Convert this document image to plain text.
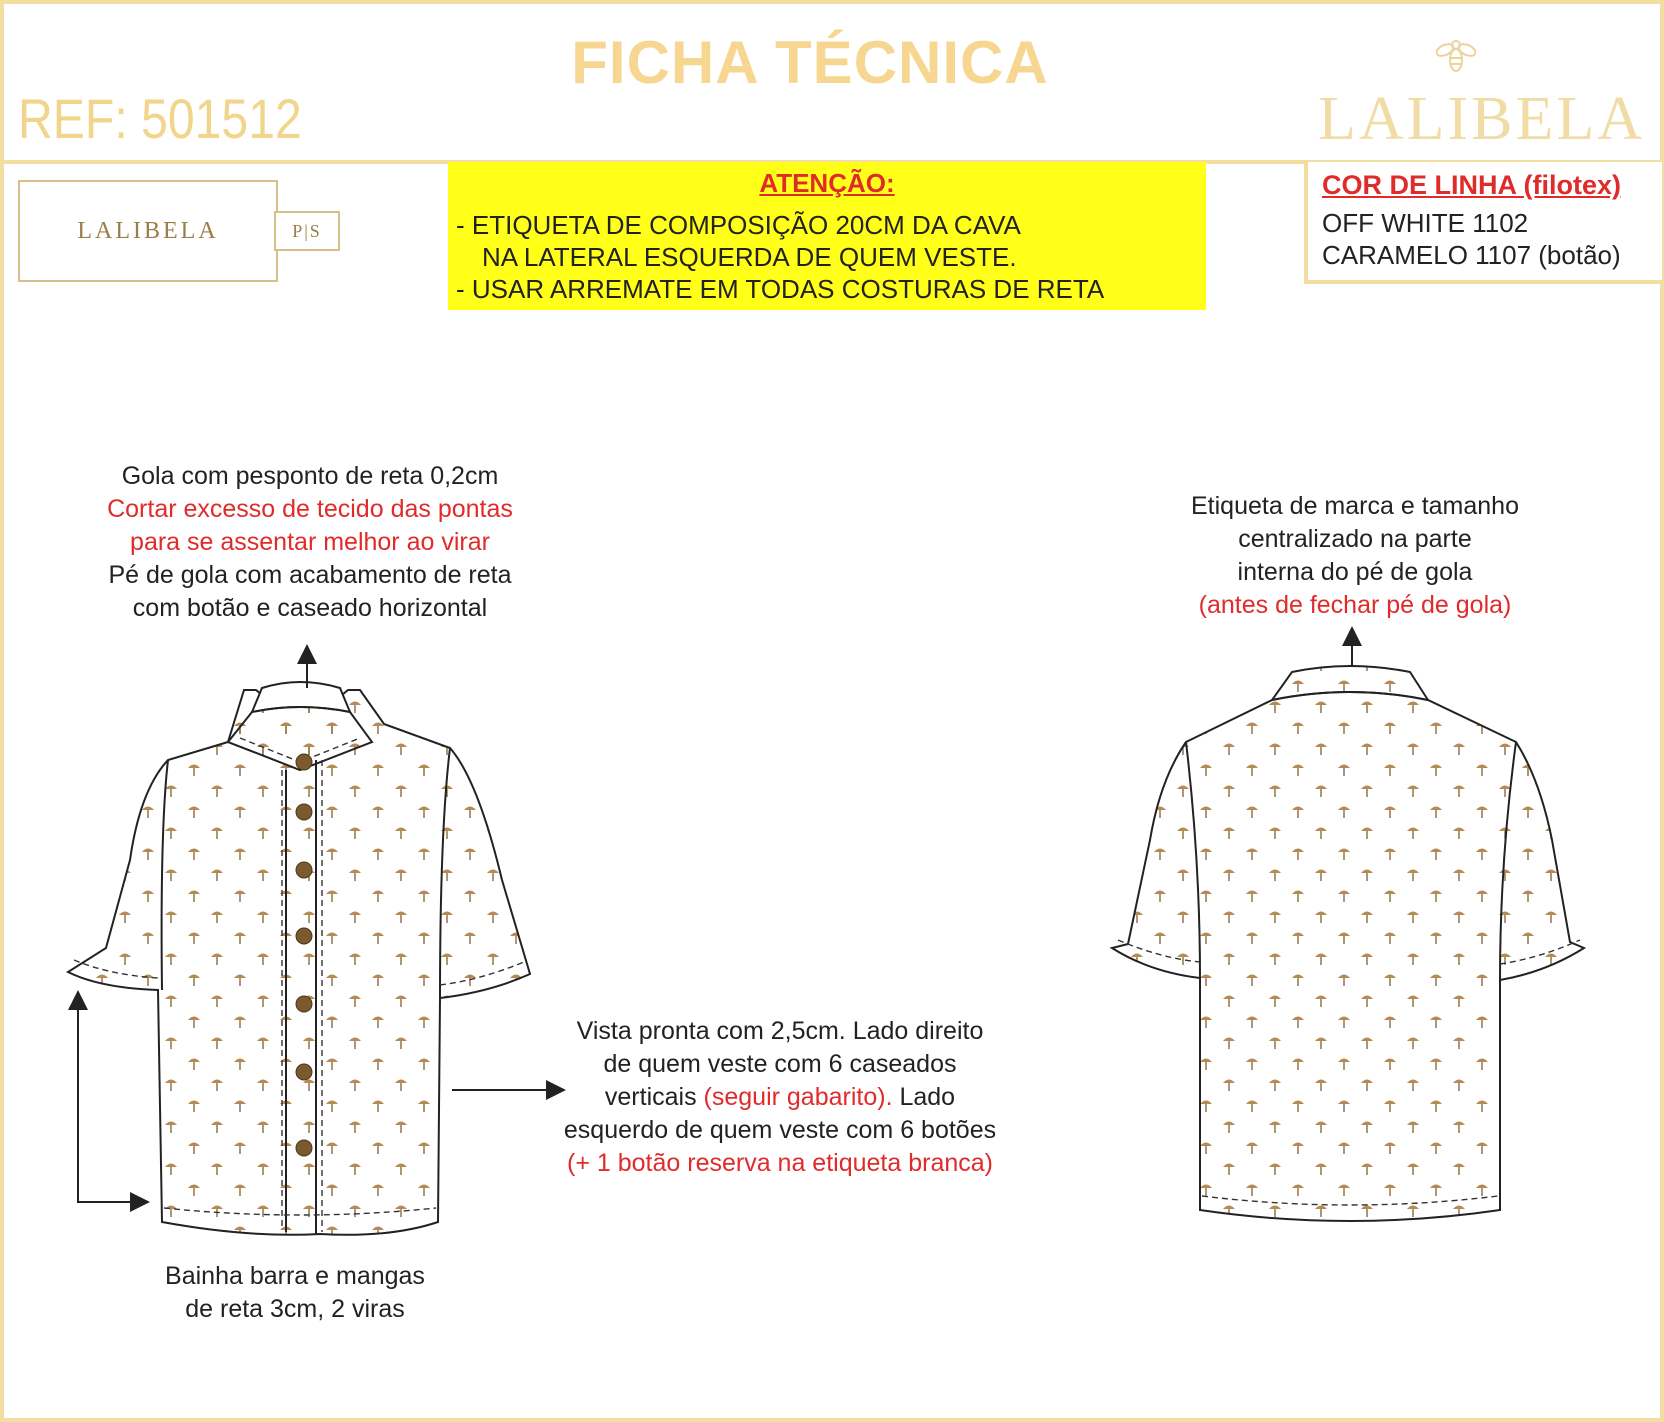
FICHA TÉCNICA
REF: 501512	LALIBELA
LALIBELA	P|S
ATENÇÃO:
- ETIQUETA DE COMPOSIÇÃO 20CM DA CAVA
NA LATERAL ESQUERDA DE QUEM VESTE.
- USAR ARREMATE EM TODAS COSTURAS DE RETA
COR DE LINHA (filotex)
OFF WHITE 1102
CARAMELO 1107 (botão)
Gola com pesponto de reta 0,2cm
Cortar excesso de tecido das pontas
para se assentar melhor ao virar
Pé de gola com acabamento de reta
com botão e caseado horizontal
Etiqueta de marca e tamanho
centralizado na parte
interna do pé de gola
(antes de fechar pé de gola)
Vista pronta com 2,5cm. Lado direito
de quem veste com 6 caseados
verticais (seguir gabarito). Lado
esquerdo de quem veste com 6 botões
(+ 1 botão reserva na etiqueta branca)
Bainha barra e mangas
de reta 3cm, 2 viras
